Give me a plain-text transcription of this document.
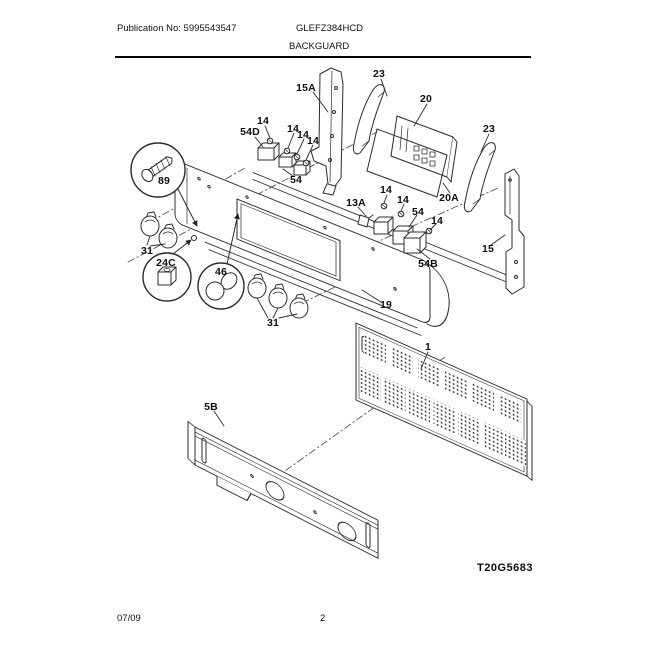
Publication No: 5995543547	GLEFZ384HCD
BACKGUARD
15A
23
20
23
14
54D	14
14
14
54
89
31
24C
46
31
13A
14
14
54
14
54B
20A
15
19
1
5B
T20G5683
07/09	2
